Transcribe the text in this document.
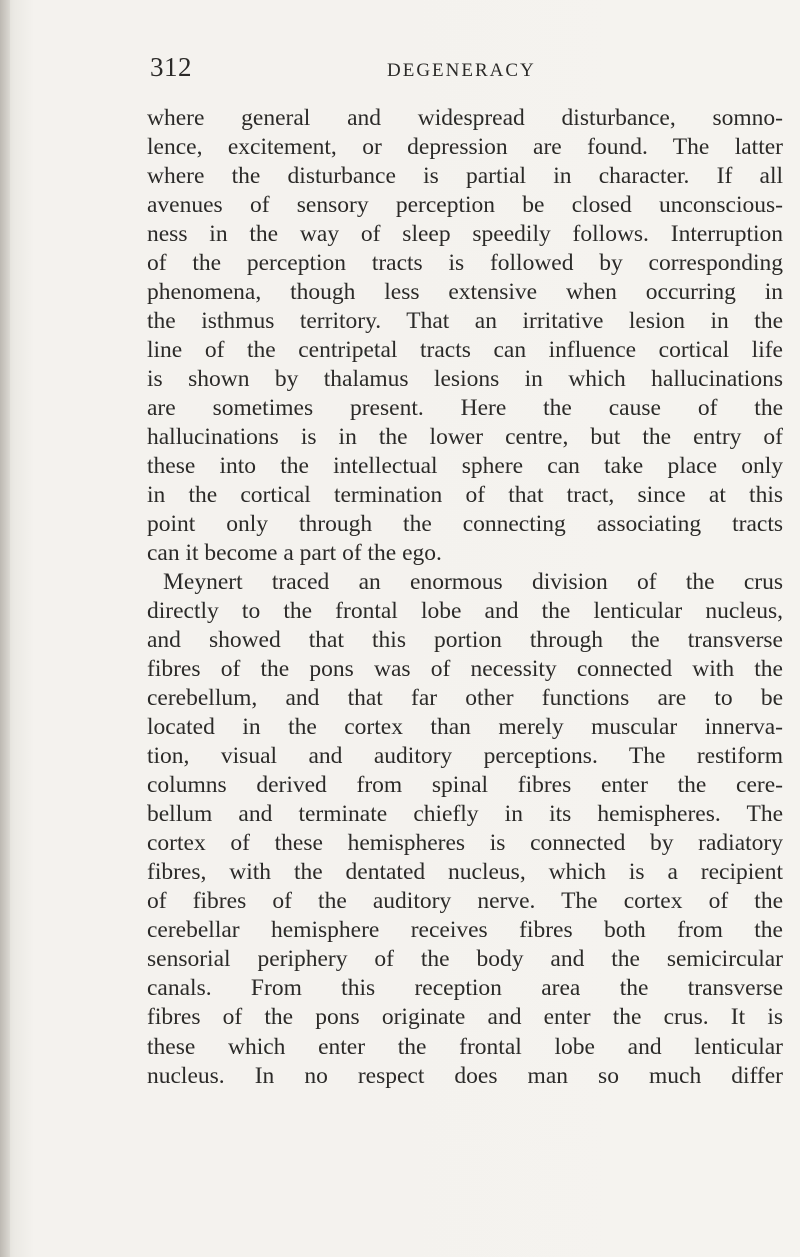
312	DEGENERACY
where general and widespread disturbance, somno-
lence, excitement, or depression are found. The latter
where the disturbance is partial in character. If all
avenues of sensory perception be closed unconscious-
ness in the way of sleep speedily follows. Interruption
of the perception tracts is followed by corresponding
phenomena, though less extensive when occurring in
the isthmus territory. That an irritative lesion in the
line of the centripetal tracts can influence cortical life
is shown by thalamus lesions in which hallucinations
are sometimes present. Here the cause of the
hallucinations is in the lower centre, but the entry of
these into the intellectual sphere can take place only
in the cortical termination of that tract, since at this
point only through the connecting associating tracts
can it become a part of the ego.
Meynert traced an enormous division of the crus
directly to the frontal lobe and the lenticular nucleus,
and showed that this portion through the transverse
fibres of the pons was of necessity connected with the
cerebellum, and that far other functions are to be
located in the cortex than merely muscular innerva-
tion, visual and auditory perceptions. The restiform
columns derived from spinal fibres enter the cere-
bellum and terminate chiefly in its hemispheres. The
cortex of these hemispheres is connected by radiatory
fibres, with the dentated nucleus, which is a recipient
of fibres of the auditory nerve. The cortex of the
cerebellar hemisphere receives fibres both from the
sensorial periphery of the body and the semicircular
canals. From this reception area the transverse
fibres of the pons originate and enter the crus. It is
these which enter the frontal lobe and lenticular
nucleus. In no respect does man so much differ
